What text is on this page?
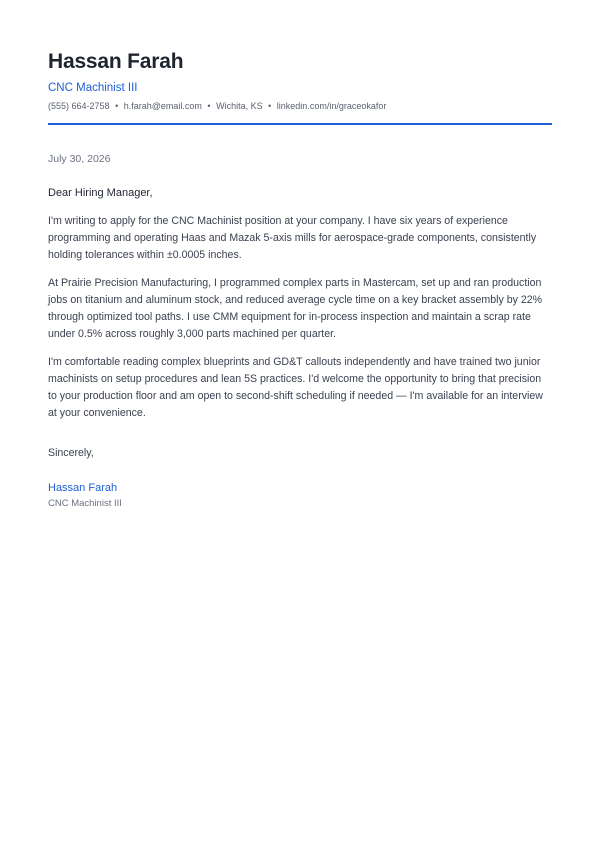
Hassan Farah
CNC Machinist III
(555) 664-2758 • h.farah@email.com • Wichita, KS • linkedin.com/in/graceokafor
July 30, 2026
Dear Hiring Manager,

I'm writing to apply for the CNC Machinist position at your company. I have six years of experience programming and operating Haas and Mazak 5-axis mills for aerospace-grade components, consistently holding tolerances within ±0.0005 inches.

At Prairie Precision Manufacturing, I programmed complex parts in Mastercam, set up and ran production jobs on titanium and aluminum stock, and reduced average cycle time on a key bracket assembly by 22% through optimized tool paths. I use CMM equipment for in-process inspection and maintain a scrap rate under 0.5% across roughly 3,000 parts machined per quarter.

I'm comfortable reading complex blueprints and GD&T callouts independently and have trained two junior machinists on setup procedures and lean 5S practices. I'd welcome the opportunity to bring that precision to your production floor and am open to second-shift scheduling if needed — I'm available for an interview at your convenience.

Sincerely,
Hassan Farah
CNC Machinist III
